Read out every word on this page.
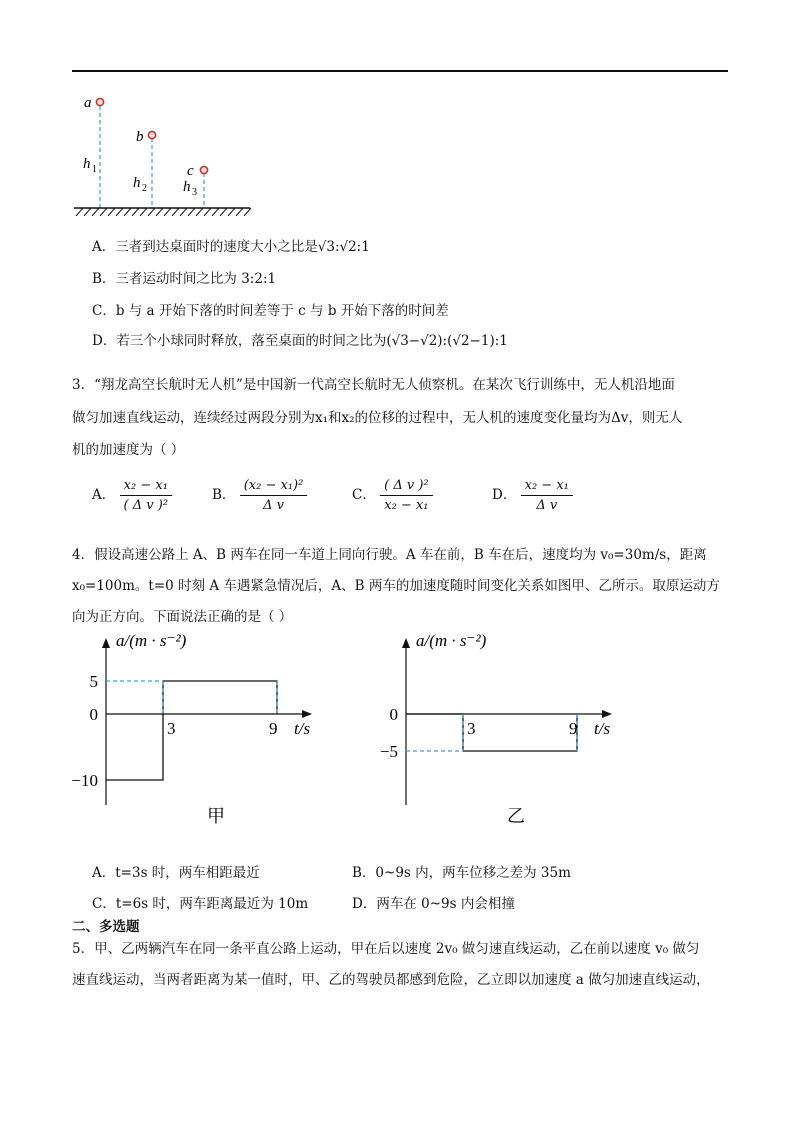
a
b
c
h 1
h 2 h 3
A．三者到达桌面时的速度大小之比是√3:√2:1
B．三者运动时间之比为 3:2:1
C．b 与 a 开始下落的时间差等于 c 与 b 开始下落的时间差
D．若三个小球同时释放，落至桌面的时间之比为(√3−√2):(√2−1):1
3．“翔龙高空长航时无人机”是中国新一代高空长航时无人侦察机。在某次飞行训练中，无人机沿地面
做匀加速直线运动，连续经过两段分别为x₁和x₂的位移的过程中，无人机的速度变化量均为Δv，则无人
机的加速度为（ ）
A． $\frac{\text{x₂ − x₁}}{\text{( Δ v )²}}$	B． $\frac{\text{(x₂ − x₁)²}}{\text{Δ v}}$	C． $\frac{\text{( Δ v )²}}{\text{x₂ − x₁}}$	D． $\frac{\text{x₂ − x₁}}{\text{Δ v}}$
4．假设高速公路上 A、B 两车在同一车道上同向行驶。A 车在前，B 车在后，速度均为 v₀=30m/s，距离
x₀=100m。t=0 时刻 A 车遇紧急情况后，A、B 两车的加速度随时间变化关系如图甲、乙所示。取原运动方
向为正方向。下面说法正确的是（ ）
a/(m · s⁻²)
t/s
3	9
5
0
−10
甲
a/(m · s⁻²)
t/s
3	9
0
−5
乙
A．t=3s 时，两车相距最近	B．0~9s 内，两车位移之差为 35m
C．t=6s 时，两车距离最近为 10m	D．两车在 0~9s 内会相撞
二、多选题
5．甲、乙两辆汽车在同一条平直公路上运动，甲在后以速度 2v₀ 做匀速直线运动，乙在前以速度 v₀ 做匀
速直线运动，当两者距离为某一值时，甲、乙的驾驶员都感到危险，乙立即以加速度 a 做匀加速直线运动，
